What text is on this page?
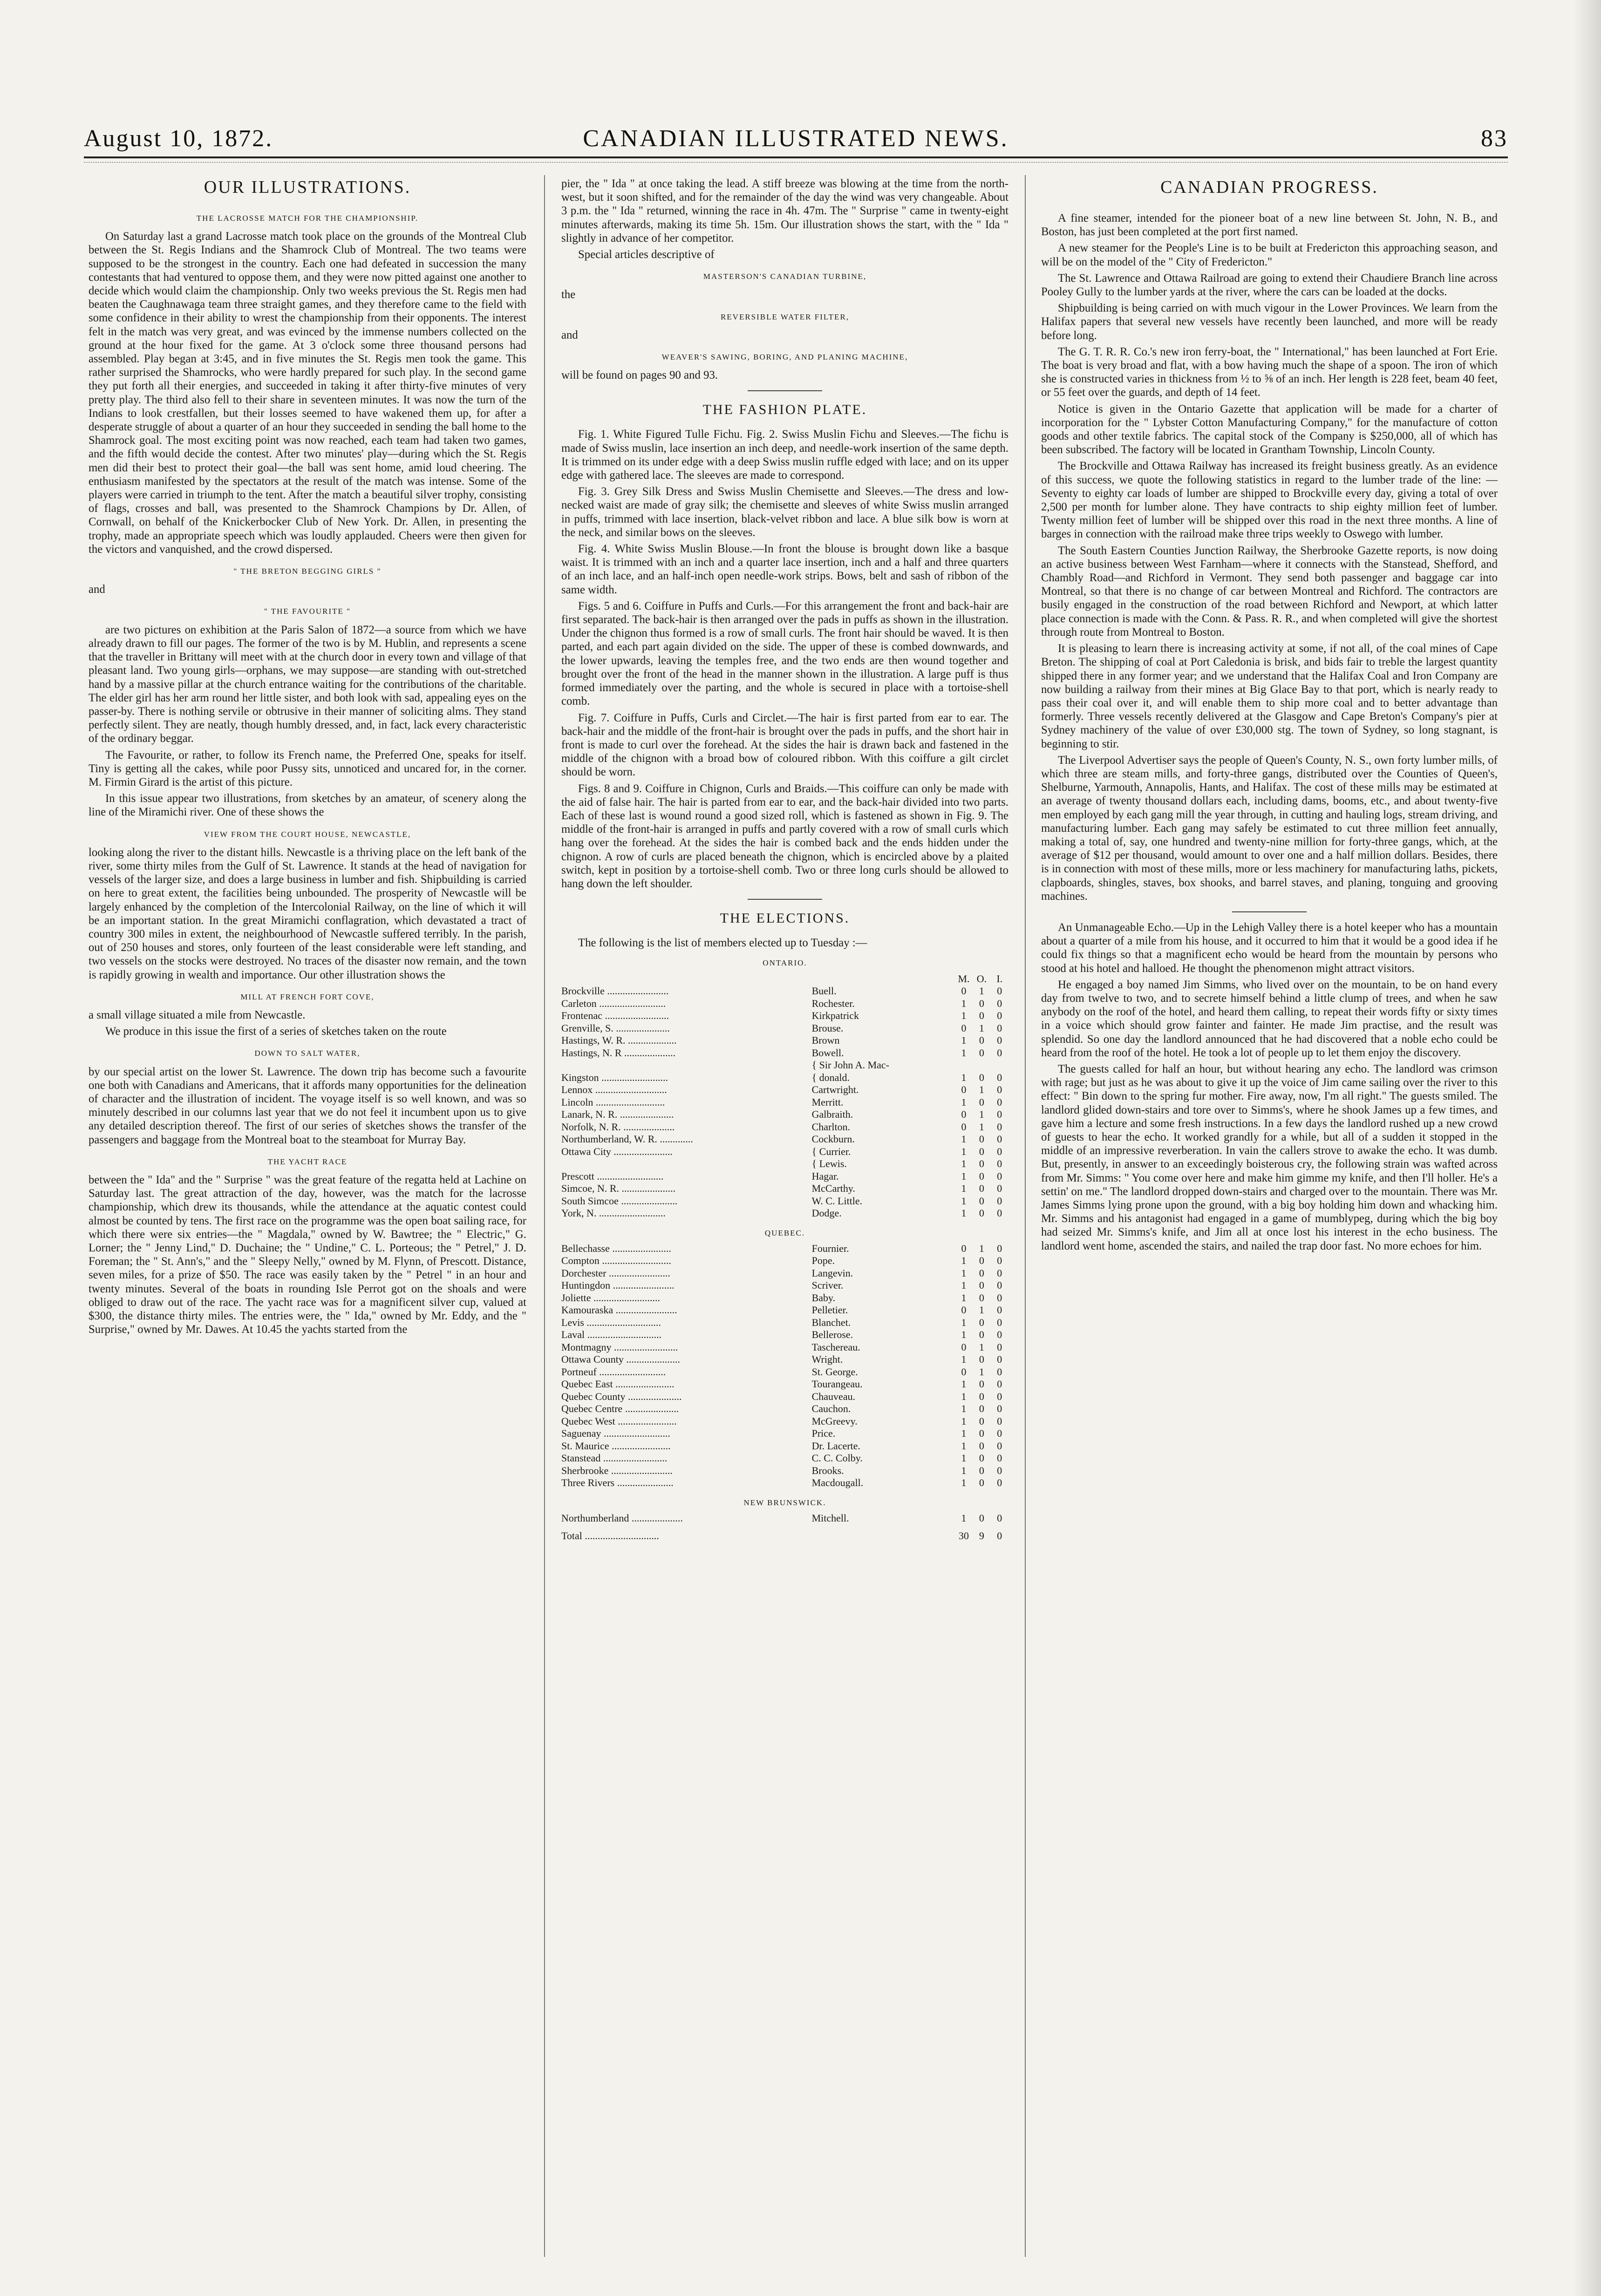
August 10, 1872.	CANADIAN ILLUSTRATED NEWS.	83
OUR ILLUSTRATIONS.
THE LACROSSE MATCH FOR THE CHAMPIONSHIP.

On Saturday last a grand Lacrosse match took place on the grounds of the Montreal Club between the St. Regis Indians and the Shamrock Club of Montreal. The two teams were supposed to be the strongest in the country. Each one had defeated in succession the many contestants that had ventured to oppose them, and they were now pitted against one another to decide which would claim the championship. Only two weeks previous the St. Regis men had beaten the Caughnawaga team three straight games, and they therefore came to the field with some confidence in their ability to wrest the championship from their opponents. The interest felt in the match was very great, and was evinced by the immense numbers collected on the ground at the hour fixed for the game. At 3 o'clock some three thousand persons had assembled. Play began at 3:45, and in five minutes the St. Regis men took the game. This rather surprised the Shamrocks, who were hardly prepared for such play. In the second game they put forth all their energies, and succeeded in taking it after thirty-five minutes of very pretty play. The third also fell to their share in seventeen minutes. It was now the turn of the Indians to look crestfallen, but their losses seemed to have wakened them up, for after a desperate struggle of about a quarter of an hour they succeeded in sending the ball home to the Shamrock goal. The most exciting point was now reached, each team had taken two games, and the fifth would decide the contest. After two minutes' play—during which the St. Regis men did their best to protect their goal—the ball was sent home, amid loud cheering. The enthusiasm manifested by the spectators at the result of the match was intense. Some of the players were carried in triumph to the tent. After the match a beautiful silver trophy, consisting of flags, crosses and ball, was presented to the Shamrock Champions by Dr. Allen, of Cornwall, on behalf of the Knickerbocker Club of New York. Dr. Allen, in presenting the trophy, made an appropriate speech which was loudly applauded. Cheers were then given for the victors and vanquished, and the crowd dispersed.

" THE BRETON BEGGING GIRLS "

and

" THE FAVOURITE "

are two pictures on exhibition at the Paris Salon of 1872—a source from which we have already drawn to fill our pages. The former of the two is by M. Hublin, and represents a scene that the traveller in Brittany will meet with at the church door in every town and village of that pleasant land. Two young girls—orphans, we may suppose—are standing with out-stretched hand by a massive pillar at the church entrance waiting for the contributions of the charitable. The elder girl has her arm round her little sister, and both look with sad, appealing eyes on the passer-by. There is nothing servile or obtrusive in their manner of soliciting alms. They stand perfectly silent. They are neatly, though humbly dressed, and, in fact, lack every characteristic of the ordinary beggar.

The Favourite, or rather, to follow its French name, the Preferred One, speaks for itself. Tiny is getting all the cakes, while poor Pussy sits, unnoticed and uncared for, in the corner. M. Firmin Girard is the artist of this picture.

In this issue appear two illustrations, from sketches by an amateur, of scenery along the line of the Miramichi river. One of these shows the

VIEW FROM THE COURT HOUSE, NEWCASTLE,

looking along the river to the distant hills. Newcastle is a thriving place on the left bank of the river, some thirty miles from the Gulf of St. Lawrence. It stands at the head of navigation for vessels of the larger size, and does a large business in lumber and fish. Shipbuilding is carried on here to great extent, the facilities being unbounded. The prosperity of Newcastle will be largely enhanced by the completion of the Intercolonial Railway, on the line of which it will be an important station. In the great Miramichi conflagration, which devastated a tract of country 300 miles in extent, the neighbourhood of Newcastle suffered terribly. In the parish, out of 250 houses and stores, only fourteen of the least considerable were left standing, and two vessels on the stocks were destroyed. No traces of the disaster now remain, and the town is rapidly growing in wealth and importance. Our other illustration shows the

MILL AT FRENCH FORT COVE,

a small village situated a mile from Newcastle.

We produce in this issue the first of a series of sketches taken on the route

DOWN TO SALT WATER,

by our special artist on the lower St. Lawrence. The down trip has become such a favourite one both with Canadians and Americans, that it affords many opportunities for the delineation of character and the illustration of incident. The voyage itself is so well known, and was so minutely described in our columns last year that we do not feel it incumbent upon us to give any detailed description thereof. The first of our series of sketches shows the transfer of the passengers and baggage from the Montreal boat to the steamboat for Murray Bay.

THE YACHT RACE

between the " Ida" and the " Surprise " was the great feature of the regatta held at Lachine on Saturday last. The great attraction of the day, however, was the match for the lacrosse championship, which drew its thousands, while the attendance at the aquatic contest could almost be counted by tens. The first race on the programme was the open boat sailing race, for which there were six entries—the " Magdala," owned by W. Bawtree; the " Electric," G. Lorner; the " Jenny Lind," D. Duchaine; the " Undine," C. L. Porteous; the " Petrel," J. D. Foreman; the " St. Ann's," and the " Sleepy Nelly," owned by M. Flynn, of Prescott. Distance, seven miles, for a prize of $50. The race was easily taken by the " Petrel " in an hour and twenty minutes. Several of the boats in rounding Isle Perrot got on the shoals and were obliged to draw out of the race. The yacht race was for a magnificent silver cup, valued at $300, the distance thirty miles. The entries were, the " Ida," owned by Mr. Eddy, and the " Surprise," owned by Mr. Dawes. At 10.45 the yachts started from the

pier, the " Ida " at once taking the lead. A stiff breeze was blowing at the time from the north-west, but it soon shifted, and for the remainder of the day the wind was very changeable. About 3 p.m. the " Ida " returned, winning the race in 4h. 47m. The " Surprise " came in twenty-eight minutes afterwards, making its time 5h. 15m. Our illustration shows the start, with the " Ida " slightly in advance of her competitor.

Special articles descriptive of

MASTERSON'S CANADIAN TURBINE,

the

REVERSIBLE WATER FILTER,

and

WEAVER'S SAWING, BORING, AND PLANING MACHINE,

will be found on pages 90 and 93.

THE FASHION PLATE.

Fig. 1. White Figured Tulle Fichu. Fig. 2. Swiss Muslin Fichu and Sleeves.—The fichu is made of Swiss muslin, lace insertion an inch deep, and needle-work insertion of the same depth. It is trimmed on its under edge with a deep Swiss muslin ruffle edged with lace; and on its upper edge with gathered lace. The sleeves are made to correspond.

Fig. 3. Grey Silk Dress and Swiss Muslin Chemisette and Sleeves.—The dress and low-necked waist are made of gray silk; the chemisette and sleeves of white Swiss muslin arranged in puffs, trimmed with lace insertion, black-velvet ribbon and lace. A blue silk bow is worn at the neck, and similar bows on the sleeves.

Fig. 4. White Swiss Muslin Blouse.—In front the blouse is brought down like a basque waist. It is trimmed with an inch and a quarter lace insertion, inch and a half and three quarters of an inch lace, and an half-inch open needle-work strips. Bows, belt and sash of ribbon of the same width.

Figs. 5 and 6. Coiffure in Puffs and Curls.—For this arrangement the front and back-hair are first separated. The back-hair is then arranged over the pads in puffs as shown in the illustration. Under the chignon thus formed is a row of small curls. The front hair should be waved. It is then parted, and each part again divided on the side. The upper of these is combed downwards, and the lower upwards, leaving the temples free, and the two ends are then wound together and brought over the front of the head in the manner shown in the illustration. A large puff is thus formed immediately over the parting, and the whole is secured in place with a tortoise-shell comb.

Fig. 7. Coiffure in Puffs, Curls and Circlet.—The hair is first parted from ear to ear. The back-hair and the middle of the front-hair is brought over the pads in puffs, and the short hair in front is made to curl over the forehead. At the sides the hair is drawn back and fastened in the middle of the chignon with a broad bow of coloured ribbon. With this coiffure a gilt circlet should be worn.

Figs. 8 and 9. Coiffure in Chignon, Curls and Braids.—This coiffure can only be made with the aid of false hair. The hair is parted from ear to ear, and the back-hair divided into two parts. Each of these last is wound round a good sized roll, which is fastened as shown in Fig. 9. The middle of the front-hair is arranged in puffs and partly covered with a row of small curls which hang over the forehead. At the sides the hair is combed back and the ends hidden under the chignon. A row of curls are placed beneath the chignon, which is encircled above by a plaited switch, kept in position by a tortoise-shell comb. Two or three long curls should be allowed to hang down the left shoulder.

THE ELECTIONS.

The following is the list of members elected up to Tuesday :—

ONTARIO.
		M.	O.	I.
Brockville ........................	Buell.	0	1	0
Carleton ..........................	Rochester.	1	0	0
Frontenac .........................	Kirkpatrick	1	0	0
Grenville, S. .....................	Brouse.	0	1	0
Hastings, W. R. ...................	Brown	1	0	0
Hastings, N. R ....................	Bowell.	1	0	0
	{ Sir John A. Mac-			
Kingston ..........................	{ donald.	1	0	0
Lennox ............................	Cartwright.	0	1	0
Lincoln ...........................	Merritt.	1	0	0
Lanark, N. R. .....................	Galbraith.	0	1	0
Norfolk, N. R. ....................	Charlton.	0	1	0
Northumberland, W. R. .............	Cockburn.	1	0	0
Ottawa City .......................	{ Currier.	1	0	0
	{ Lewis.	1	0	0
Prescott ..........................	Hagar.	1	0	0
Simcoe, N. R. .....................	McCarthy.	1	0	0
South Simcoe ......................	W. C. Little.	1	0	0
York, N. ..........................	Dodge.	1	0	0
QUEBEC.
Bellechasse .......................	Fournier.	0	1	0
Compton ...........................	Pope.	1	0	0
Dorchester ........................	Langevin.	1	0	0
Huntingdon ........................	Scriver.	1	0	0
Joliette ..........................	Baby.	1	0	0
Kamouraska ........................	Pelletier.	0	1	0
Levis .............................	Blanchet.	1	0	0
Laval .............................	Bellerose.	1	0	0
Montmagny .........................	Taschereau.	0	1	0
Ottawa County .....................	Wright.	1	0	0
Portneuf ..........................	St. George.	0	1	0
Quebec East .......................	Tourangeau.	1	0	0
Quebec County .....................	Chauveau.	1	0	0
Quebec Centre .....................	Cauchon.	1	0	0
Quebec West .......................	McGreevy.	1	0	0
Saguenay ..........................	Price.	1	0	0
St. Maurice .......................	Dr. Lacerte.	1	0	0
Stanstead .........................	C. C. Colby.	1	0	0
Sherbrooke ........................	Brooks.	1	0	0
Three Rivers ......................	Macdougall.	1	0	0
NEW BRUNSWICK.
Northumberland ....................	Mitchell.	1	0	0
Total .............................		30	9	0
CANADIAN PROGRESS.

A fine steamer, intended for the pioneer boat of a new line between St. John, N. B., and Boston, has just been completed at the port first named.

A new steamer for the People's Line is to be built at Fredericton this approaching season, and will be on the model of the " City of Fredericton."

The St. Lawrence and Ottawa Railroad are going to extend their Chaudiere Branch line across Pooley Gully to the lumber yards at the river, where the cars can be loaded at the docks.

Shipbuilding is being carried on with much vigour in the Lower Provinces. We learn from the Halifax papers that several new vessels have recently been launched, and more will be ready before long.

The G. T. R. R. Co.'s new iron ferry-boat, the " International," has been launched at Fort Erie. The boat is very broad and flat, with a bow having much the shape of a spoon. The iron of which she is constructed varies in thickness from ½ to ⅝ of an inch. Her length is 228 feet, beam 40 feet, or 55 feet over the guards, and depth of 14 feet.

Notice is given in the Ontario Gazette that application will be made for a charter of incorporation for the " Lybster Cotton Manufacturing Company," for the manufacture of cotton goods and other textile fabrics. The capital stock of the Company is $250,000, all of which has been subscribed. The factory will be located in Grantham Township, Lincoln County.

The Brockville and Ottawa Railway has increased its freight business greatly. As an evidence of this success, we quote the following statistics in regard to the lumber trade of the line: —Seventy to eighty car loads of lumber are shipped to Brockville every day, giving a total of over 2,500 per month for lumber alone. They have contracts to ship eighty million feet of lumber. Twenty million feet of lumber will be shipped over this road in the next three months. A line of barges in connection with the railroad make three trips weekly to Oswego with lumber.

The South Eastern Counties Junction Railway, the Sherbrooke Gazette reports, is now doing an active business between West Farnham—where it connects with the Stanstead, Shefford, and Chambly Road—and Richford in Vermont. They send both passenger and baggage car into Montreal, so that there is no change of car between Montreal and Richford. The contractors are busily engaged in the construction of the road between Richford and Newport, at which latter place connection is made with the Conn. & Pass. R. R., and when completed will give the shortest through route from Montreal to Boston.

It is pleasing to learn there is increasing activity at some, if not all, of the coal mines of Cape Breton. The shipping of coal at Port Caledonia is brisk, and bids fair to treble the largest quantity shipped there in any former year; and we understand that the Halifax Coal and Iron Company are now building a railway from their mines at Big Glace Bay to that port, which is nearly ready to pass their coal over it, and will enable them to ship more coal and to better advantage than formerly. Three vessels recently delivered at the Glasgow and Cape Breton's Company's pier at Sydney machinery of the value of over £30,000 stg. The town of Sydney, so long stagnant, is beginning to stir.

The Liverpool Advertiser says the people of Queen's County, N. S., own forty lumber mills, of which three are steam mills, and forty-three gangs, distributed over the Counties of Queen's, Shelburne, Yarmouth, Annapolis, Hants, and Halifax. The cost of these mills may be estimated at an average of twenty thousand dollars each, including dams, booms, etc., and about twenty-five men employed by each gang mill the year through, in cutting and hauling logs, stream driving, and manufacturing lumber. Each gang may safely be estimated to cut three million feet annually, making a total of, say, one hundred and twenty-nine million for forty-three gangs, which, at the average of $12 per thousand, would amount to over one and a half million dollars. Besides, there is in connection with most of these mills, more or less machinery for manufacturing laths, pickets, clapboards, shingles, staves, box shooks, and barrel staves, and planing, tonguing and grooving machines.

An Unmanageable Echo.—Up in the Lehigh Valley there is a hotel keeper who has a mountain about a quarter of a mile from his house, and it occurred to him that it would be a good idea if he could fix things so that a magnificent echo would be heard from the mountain by persons who stood at his hotel and halloed. He thought the phenomenon might attract visitors.

He engaged a boy named Jim Simms, who lived over on the mountain, to be on hand every day from twelve to two, and to secrete himself behind a little clump of trees, and when he saw anybody on the roof of the hotel, and heard them calling, to repeat their words fifty or sixty times in a voice which should grow fainter and fainter. He made Jim practise, and the result was splendid. So one day the landlord announced that he had discovered that a noble echo could be heard from the roof of the hotel. He took a lot of people up to let them enjoy the discovery.

The guests called for half an hour, but without hearing any echo. The landlord was crimson with rage; but just as he was about to give it up the voice of Jim came sailing over the river to this effect: " Bin down to the spring fur mother. Fire away, now, I'm all right." The guests smiled. The landlord glided down-stairs and tore over to Simms's, where he shook James up a few times, and gave him a lecture and some fresh instructions. In a few days the landlord rushed up a new crowd of guests to hear the echo. It worked grandly for a while, but all of a sudden it stopped in the middle of an impressive reverberation. In vain the callers strove to awake the echo. It was dumb. But, presently, in answer to an exceedingly boisterous cry, the following strain was wafted across from Mr. Simms: " You come over here and make him gimme my knife, and then I'll holler. He's a settin' on me." The landlord dropped down-stairs and charged over to the mountain. There was Mr. James Simms lying prone upon the ground, with a big boy holding him down and whacking him. Mr. Simms and his antagonist had engaged in a game of mumblypeg, during which the big boy had seized Mr. Simms's knife, and Jim all at once lost his interest in the echo business. The landlord went home, ascended the stairs, and nailed the trap door fast. No more echoes for him.
